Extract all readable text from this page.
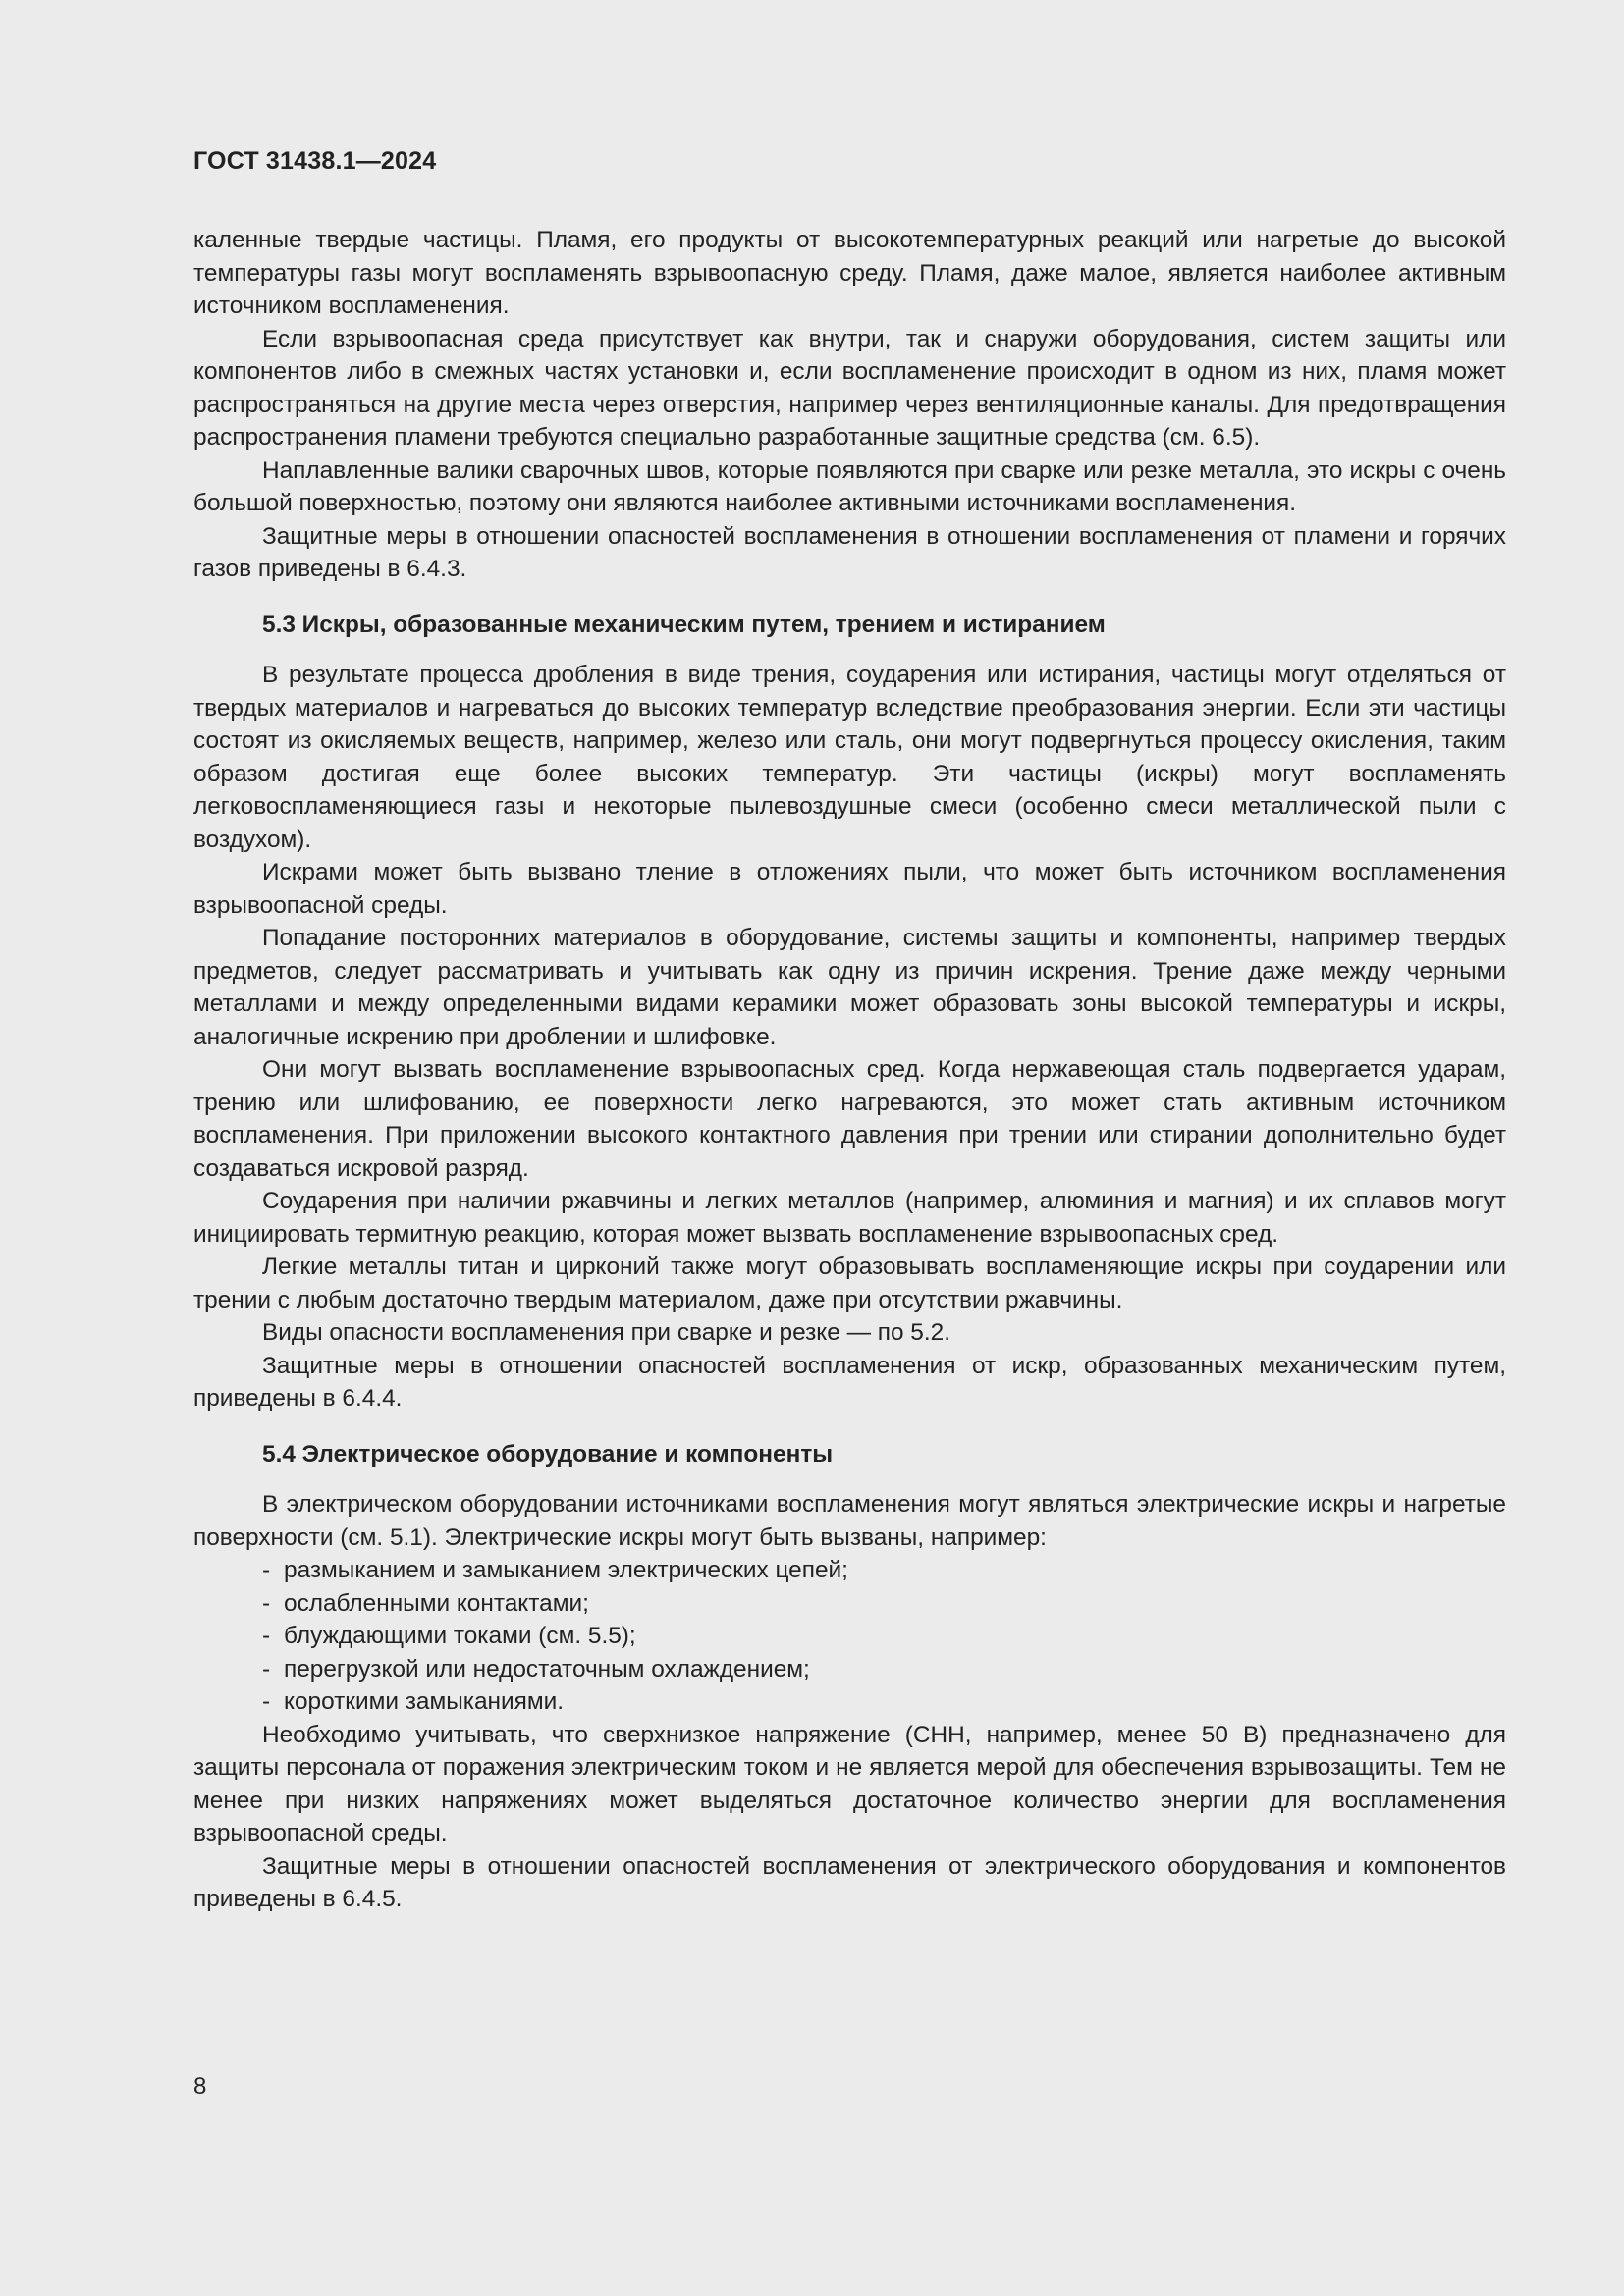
ГОСТ 31438.1—2024

каленные твердые частицы. Пламя, его продукты от высокотемпературных реакций или нагретые до высокой температуры газы могут воспламенять взрывоопасную среду. Пламя, даже малое, является наиболее активным источником воспламенения.

Если взрывоопасная среда присутствует как внутри, так и снаружи оборудования, систем защиты или компонентов либо в смежных частях установки и, если воспламенение происходит в одном из них, пламя может распространяться на другие места через отверстия, например через вентиляционные каналы. Для предотвращения распространения пламени требуются специально разработанные защитные средства (см. 6.5).

Наплавленные валики сварочных швов, которые появляются при сварке или резке металла, это искры с очень большой поверхностью, поэтому они являются наиболее активными источниками воспламенения.

Защитные меры в отношении опасностей воспламенения в отношении воспламенения от пламени и горячих газов приведены в 6.4.3.

5.3 Искры, образованные механическим путем, трением и истиранием

В результате процесса дробления в виде трения, соударения или истирания, частицы могут отделяться от твердых материалов и нагреваться до высоких температур вследствие преобразования энергии. Если эти частицы состоят из окисляемых веществ, например, железо или сталь, они могут подвергнуться процессу окисления, таким образом достигая еще более высоких температур. Эти частицы (искры) могут воспламенять легковоспламеняющиеся газы и некоторые пылевоздушные смеси (особенно смеси металлической пыли с воздухом).

Искрами может быть вызвано тление в отложениях пыли, что может быть источником воспламенения взрывоопасной среды.

Попадание посторонних материалов в оборудование, системы защиты и компоненты, например твердых предметов, следует рассматривать и учитывать как одну из причин искрения. Трение даже между черными металлами и между определенными видами керамики может образовать зоны высокой температуры и искры, аналогичные искрению при дроблении и шлифовке.

Они могут вызвать воспламенение взрывоопасных сред. Когда нержавеющая сталь подвергается ударам, трению или шлифованию, ее поверхности легко нагреваются, это может стать активным источником воспламенения. При приложении высокого контактного давления при трении или стирании дополнительно будет создаваться искровой разряд.

Соударения при наличии ржавчины и легких металлов (например, алюминия и магния) и их сплавов могут инициировать термитную реакцию, которая может вызвать воспламенение взрывоопасных сред.

Легкие металлы титан и цирконий также могут образовывать воспламеняющие искры при соударении или трении с любым достаточно твердым материалом, даже при отсутствии ржавчины.

Виды опасности воспламенения при сварке и резке — по 5.2.

Защитные меры в отношении опасностей воспламенения от искр, образованных механическим путем, приведены в 6.4.4.

5.4 Электрическое оборудование и компоненты

В электрическом оборудовании источниками воспламенения могут являться электрические искры и нагретые поверхности (см. 5.1). Электрические искры могут быть вызваны, например:

- размыканием и замыканием электрических цепей;
- ослабленными контактами;
- блуждающими токами (см. 5.5);
- перегрузкой или недостаточным охлаждением;
- короткими замыканиями.

Необходимо учитывать, что сверхнизкое напряжение (СНН, например, менее 50 В) предназначено для защиты персонала от поражения электрическим током и не является мерой для обеспечения взрывозащиты. Тем не менее при низких напряжениях может выделяться достаточное количество энергии для воспламенения взрывоопасной среды.

Защитные меры в отношении опасностей воспламенения от электрического оборудования и компонентов приведены в 6.4.5.

8
